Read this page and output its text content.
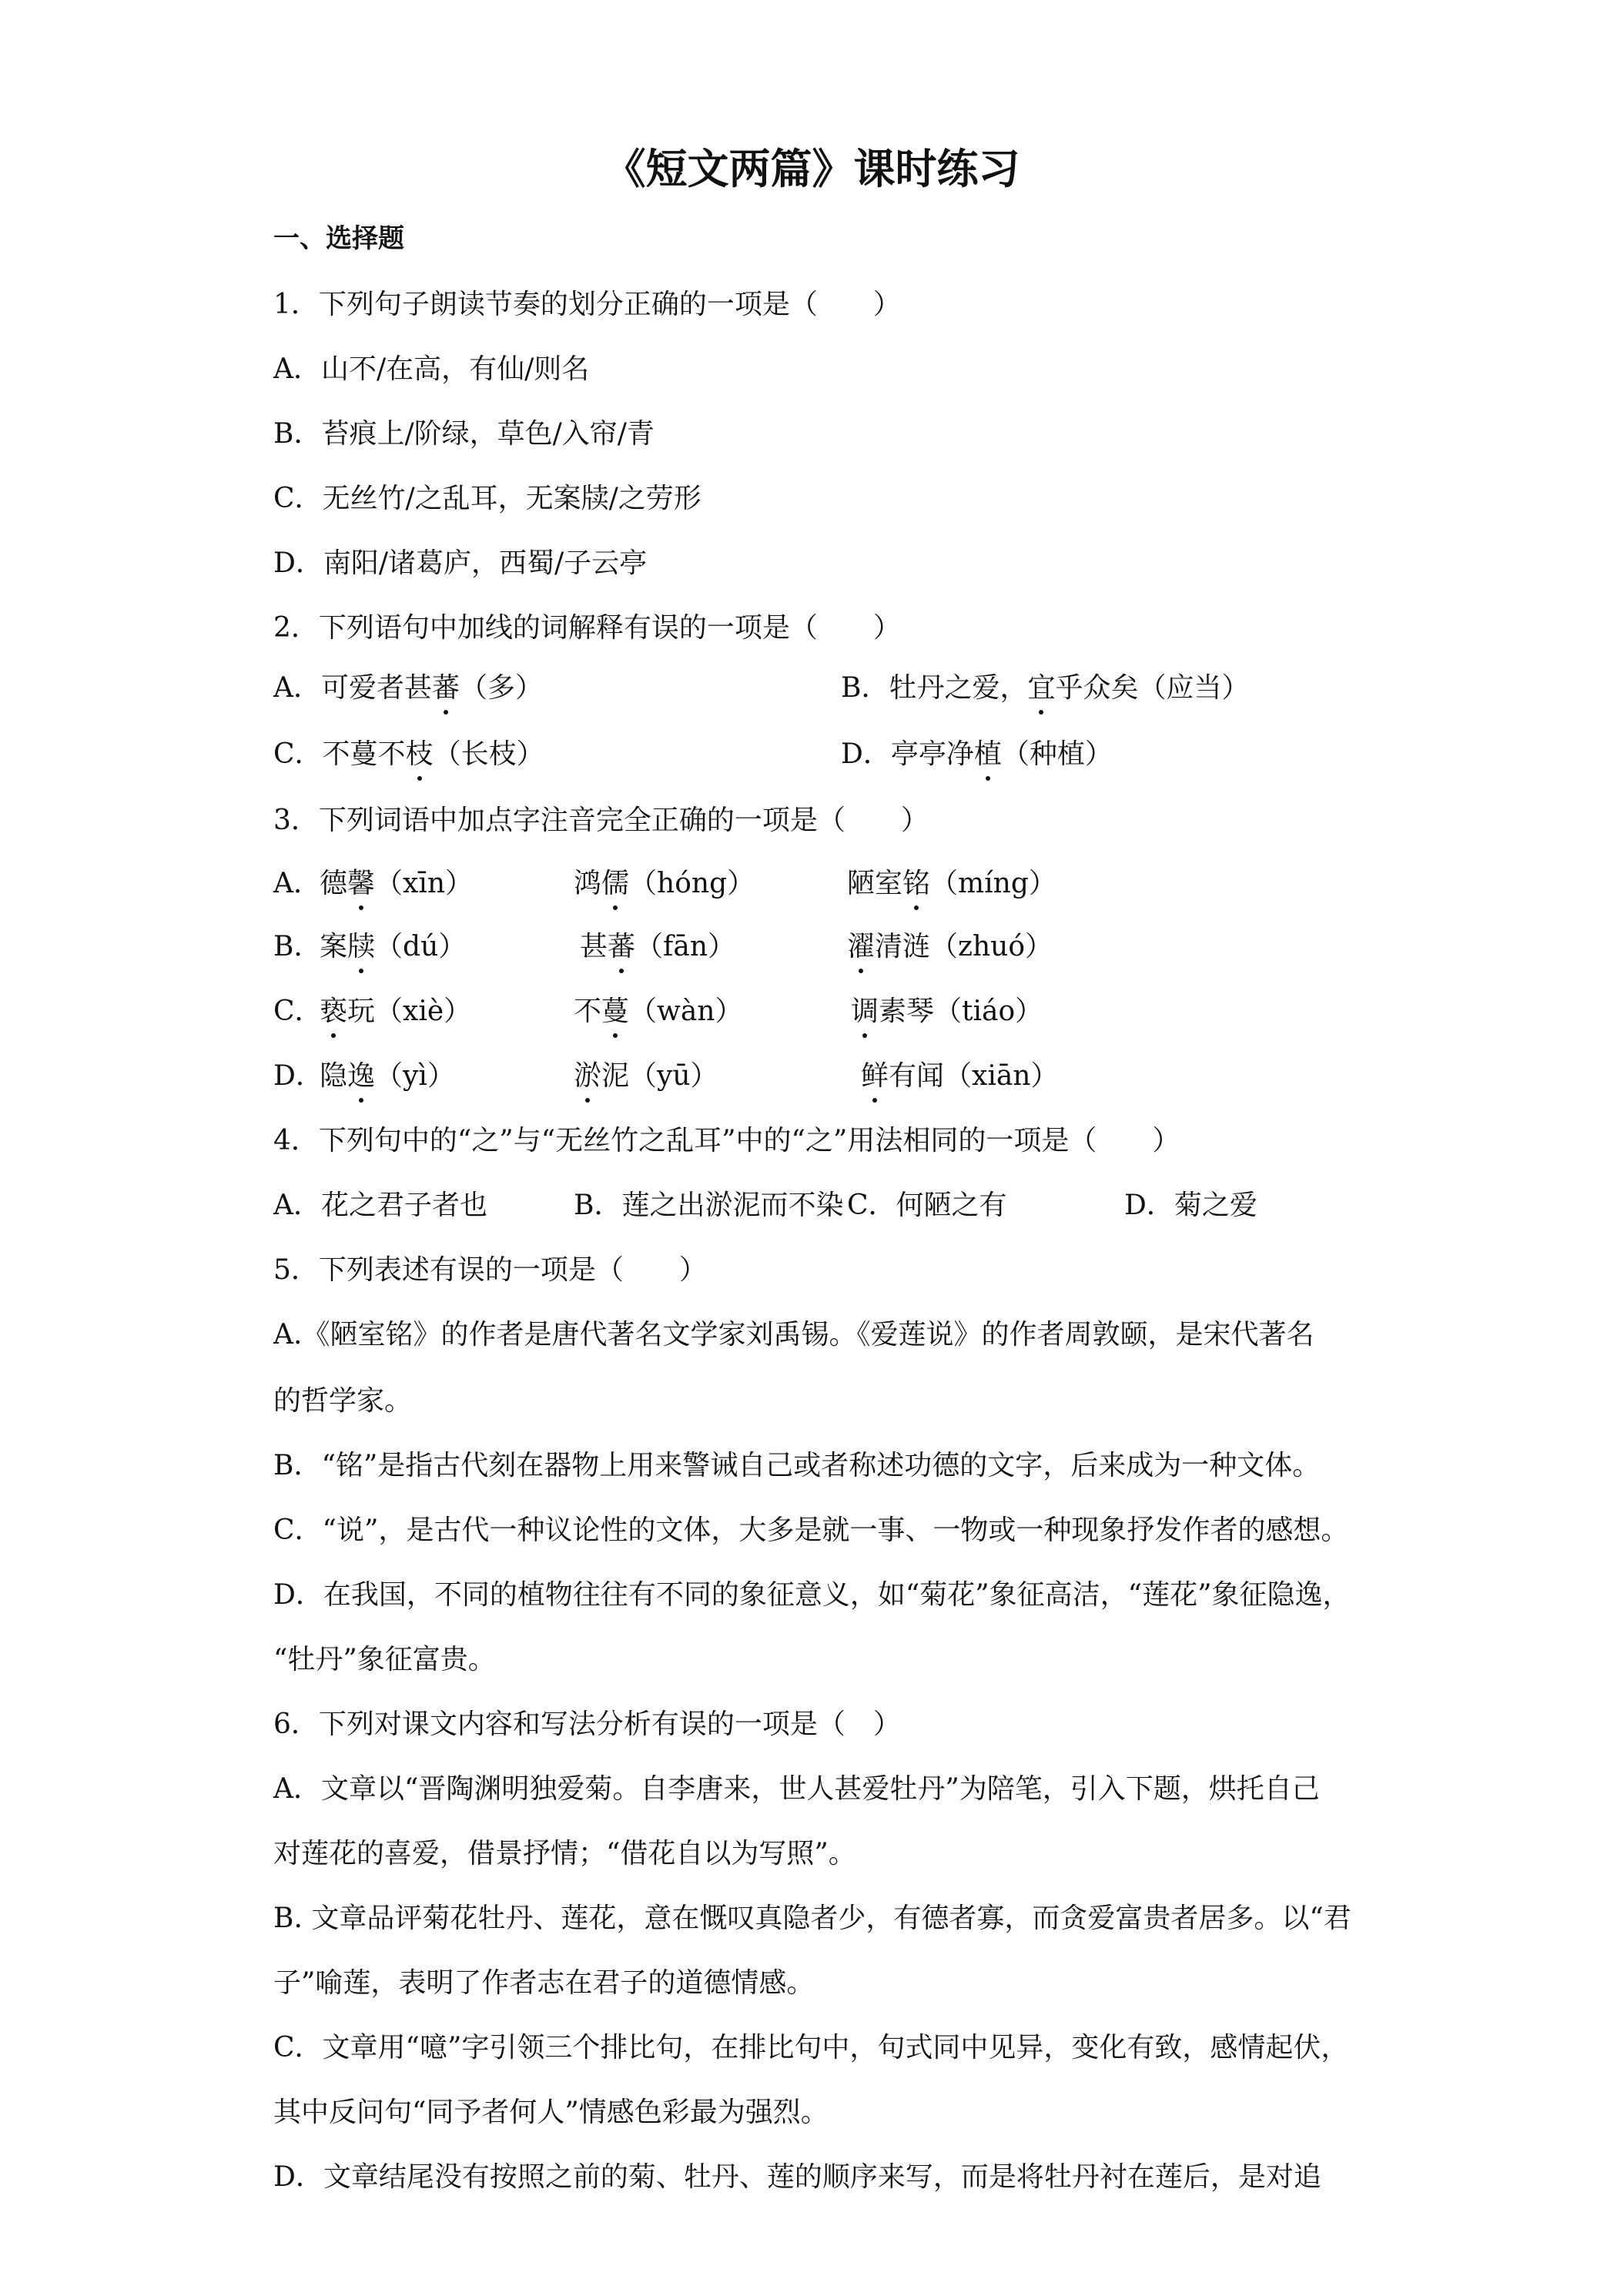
《短文两篇》课时练习
一、选择题
1．下列句子朗读节奏的划分正确的一项是（　　）
A．山不/在高，有仙/则名
B．苔痕上/阶绿，草色/入帘/青
C．无丝竹/之乱耳，无案牍/之劳形
D．南阳/诸葛庐，西蜀/子云亭
2．下列语句中加线的词解释有误的一项是（　　）
A．可爱者甚蕃（多）	B．牡丹之爱，宜乎众矣（应当）
C．不蔓不枝（长枝）	D．亭亭净植（种植）
3．下列词语中加点字注音完全正确的一项是（　　）
A．
德馨（xīn）	鸿儒（hóng）	陋室铭（míng）
B．
案牍（dú）	甚蕃（fān）	濯清涟（zhuó）
C．
亵玩（xiè）	不蔓（wàn）	调素琴（tiáo）
D．
隐逸（yì）	淤泥（yū）	鲜有闻（xiān）
4．下列句中的“之”与“无丝竹之乱耳”中的“之”用法相同的一项是（　　）
A．花之君子者也	B．莲之出淤泥而不染 C．何陋之有	D．菊之爱
5．下列表述有误的一项是（　　）
A.《陋室铭》的作者是唐代著名文学家刘禹锡。《爱莲说》的作者周敦颐，是宋代著名
的哲学家。
B．“铭”是指古代刻在器物上用来警诫自己或者称述功德的文字，后来成为一种文体。
C．“说”，是古代一种议论性的文体，大多是就一事、一物或一种现象抒发作者的感想。
D．在我国，不同的植物往往有不同的象征意义，如“菊花”象征高洁，“莲花”象征隐逸，
“牡丹”象征富贵。
6．下列对课文内容和写法分析有误的一项是（　）
A．文章以“晋陶渊明独爱菊。自李唐来，世人甚爱牡丹”为陪笔，引入下题，烘托自己
对莲花的喜爱，借景抒情；“借花自以为写照”。
B. 文章品评菊花牡丹、莲花，意在慨叹真隐者少，有德者寡，而贪爱富贵者居多。以“君
子”喻莲，表明了作者志在君子的道德情感。
C．文章用“噫”字引领三个排比句，在排比句中，句式同中见异，变化有致，感情起伏，
其中反问句“同予者何人”情感色彩最为强烈。
D．文章结尾没有按照之前的菊、牡丹、莲的顺序来写，而是将牡丹衬在莲后，是对追
